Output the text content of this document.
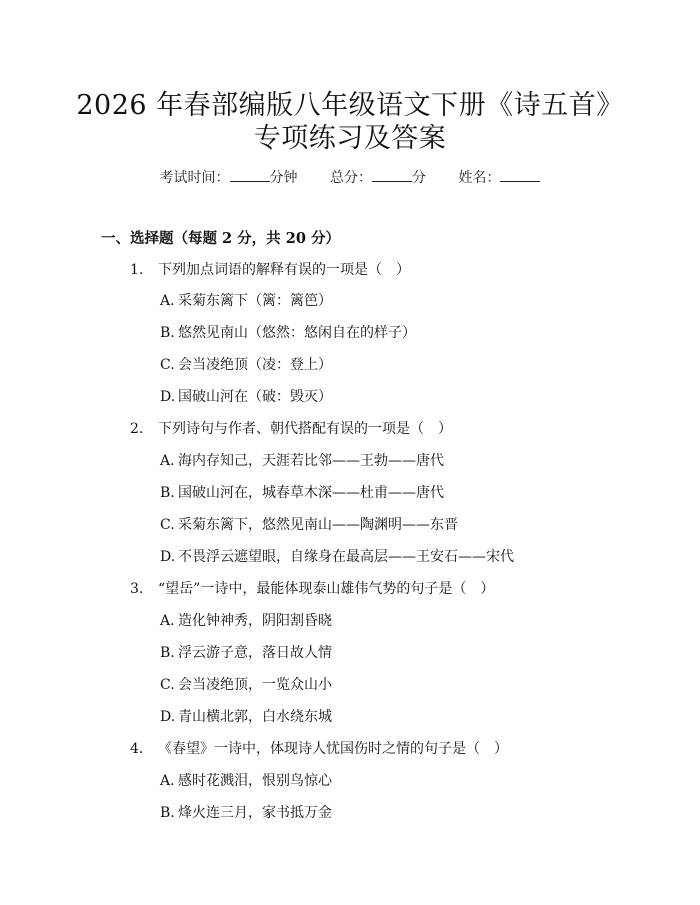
2026 年春部编版八年级语文下册《诗五首》
专项练习及答案
考试时间：	分钟 总分：	分 姓名：
一、选择题（每题 2 分，共 20 分）
1. 下列加点词语的解释有误的一项是（　）
A. 采菊东篱下（篱：篱笆）
B. 悠然见南山（悠然：悠闲自在的样子）
C. 会当凌绝顶（凌：登上）
D. 国破山河在（破：毁灭）
2. 下列诗句与作者、朝代搭配有误的一项是（　）
A. 海内存知己，天涯若比邻——王勃——唐代
B. 国破山河在，城春草木深——杜甫——唐代
C. 采菊东篱下，悠然见南山——陶渊明——东晋
D. 不畏浮云遮望眼，自缘身在最高层——王安石——宋代
3. “望岳”一诗中，最能体现泰山雄伟气势的句子是（　）
A. 造化钟神秀，阴阳割昏晓
B. 浮云游子意，落日故人情
C. 会当凌绝顶，一览众山小
D. 青山横北郭，白水绕东城
4. 《春望》一诗中，体现诗人忧国伤时之情的句子是（　）
A. 感时花溅泪，恨别鸟惊心
B. 烽火连三月，家书抵万金
